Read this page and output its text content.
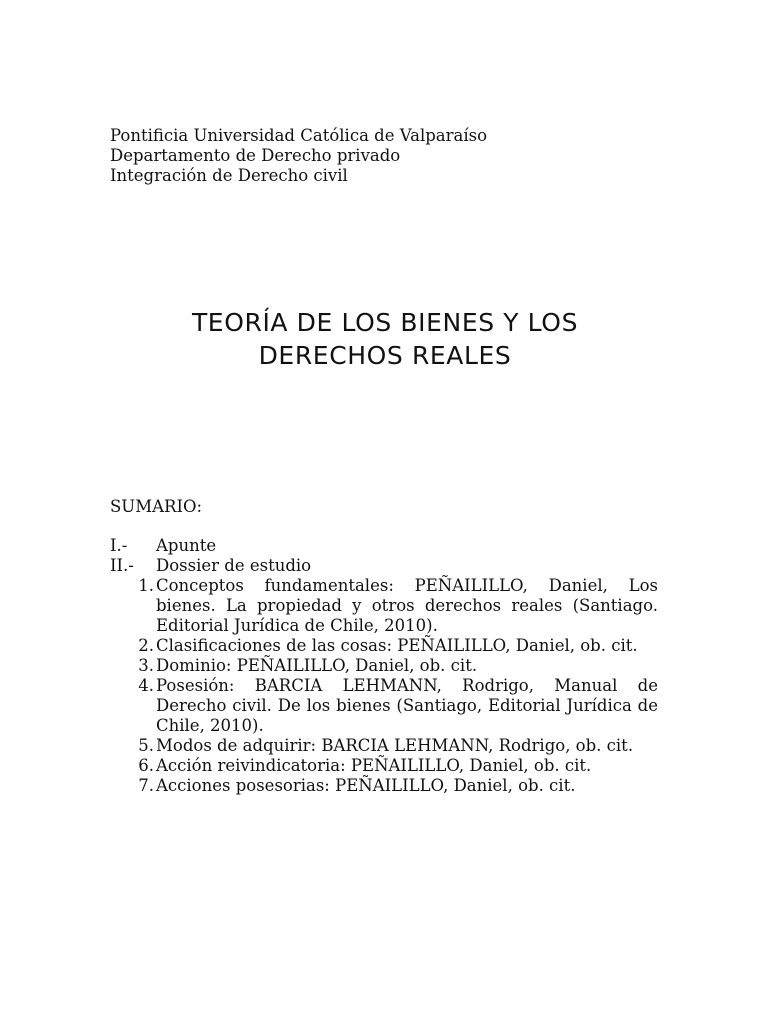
Pontificia Universidad Católica de Valparaíso
Departamento de Derecho privado
Integración de Derecho civil
TEORÍA DE LOS BIENES Y LOS
DERECHOS REALES
SUMARIO:
I.-	Apunte
II.-	Dossier de estudio
1. Conceptos fundamentales: PEÑAILILLO, Daniel, Los bienes. La propiedad y otros derechos reales (Santiago. Editorial Jurídica de Chile, 2010).
2. Clasificaciones de las cosas: PEÑAILILLO, Daniel, ob. cit.
3. Dominio: PEÑAILILLO, Daniel, ob. cit.
4. Posesión: BARCIA LEHMANN, Rodrigo, Manual de Derecho civil. De los bienes (Santiago, Editorial Jurídica de Chile, 2010).
5. Modos de adquirir: BARCIA LEHMANN, Rodrigo, ob. cit.
6. Acción reivindicatoria: PEÑAILILLO, Daniel, ob. cit.
7. Acciones posesorias: PEÑAILILLO, Daniel, ob. cit.
